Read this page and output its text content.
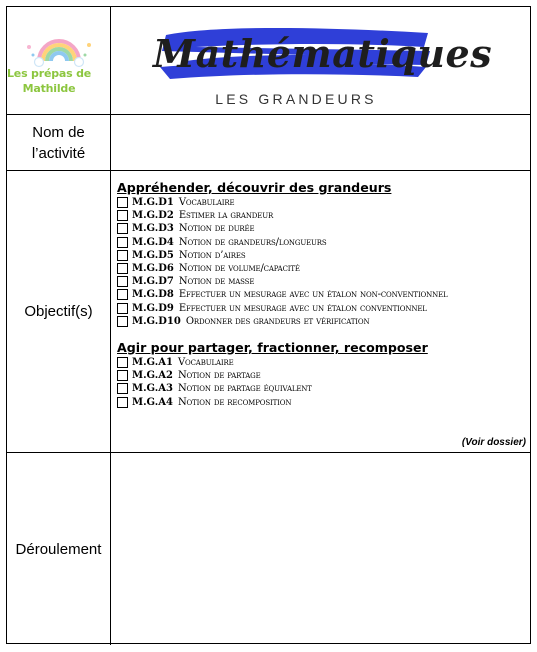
Les prépas de
Mathilde
Mathématiques
LES GRANDEURS
Nom de l’activité
Objectif(s)
Appréhender, découvrir des grandeurs
M.G.D1 Vocabulaire
M.G.D2 Estimer la grandeur
M.G.D3 Notion de durée
M.G.D4 Notion de grandeurs/longueurs
M.G.D5 Notion d’aires
M.G.D6 Notion de volume/capacité
M.G.D7 Notion de masse
M.G.D8 Effectuer un mesurage avec un étalon non-conventionnel
M.G.D9 Effectuer un mesurage avec un étalon conventionnel
M.G.D10 Ordonner des grandeurs et vérification
Agir pour partager, fractionner, recomposer
M.G.A1 Vocabulaire
M.G.A2 Notion de partage
M.G.A3 Notion de partage équivalent
M.G.A4 Notion de recomposition
(Voir dossier)
Déroulement
